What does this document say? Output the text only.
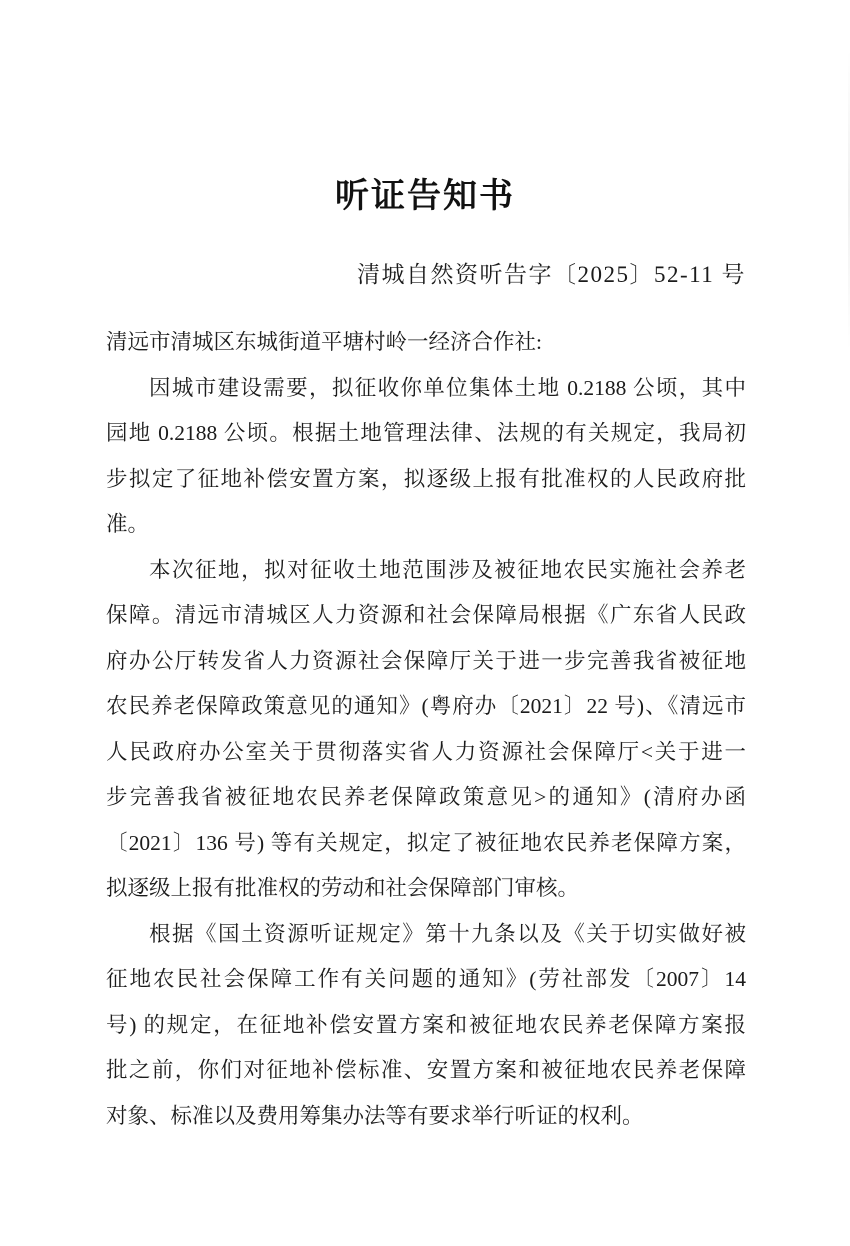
听证告知书
清城自然资听告字〔2025〕52-11 号
清远市清城区东城街道平塘村岭一经济合作社:
因城市建设需要，拟征收你单位集体土地 0.2188 公顷，其中
园地 0.2188 公顷。根据土地管理法律、法规的有关规定，我局初
步拟定了征地补偿安置方案，拟逐级上报有批准权的人民政府批
准。
本次征地，拟对征收土地范围涉及被征地农民实施社会养老
保障。清远市清城区人力资源和社会保障局根据《广东省人民政
府办公厅转发省人力资源社会保障厅关于进一步完善我省被征地
农民养老保障政策意见的通知》(粤府办〔2021〕22 号)、《清远市
人民政府办公室关于贯彻落实省人力资源社会保障厅<关于进一
步完善我省被征地农民养老保障政策意见>的通知》(清府办函
〔2021〕136 号) 等有关规定，拟定了被征地农民养老保障方案，
拟逐级上报有批准权的劳动和社会保障部门审核。
根据《国土资源听证规定》第十九条以及《关于切实做好被
征地农民社会保障工作有关问题的通知》(劳社部发〔2007〕14
号) 的规定，在征地补偿安置方案和被征地农民养老保障方案报
批之前，你们对征地补偿标准、安置方案和被征地农民养老保障
对象、标准以及费用筹集办法等有要求举行听证的权利。
